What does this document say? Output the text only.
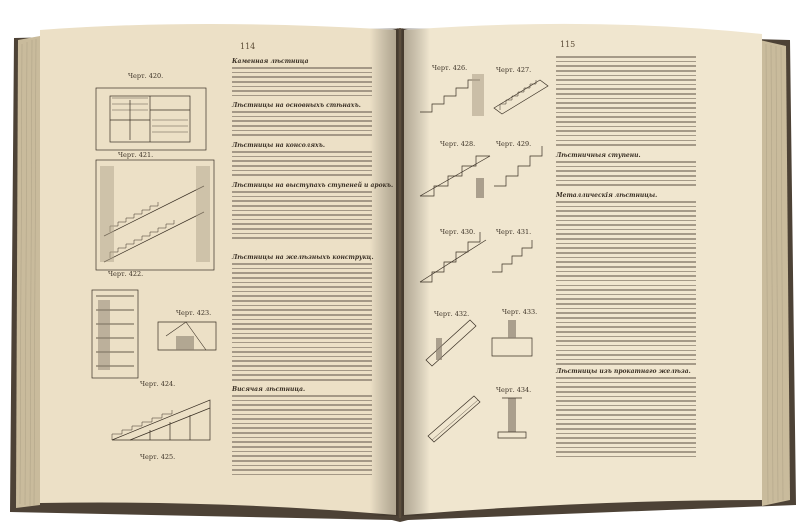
114	115
Черт. 420.
Черт. 421.
Черт. 422.
Черт. 423.
Черт. 424.
Черт. 425.
Черт. 426.	Черт. 427.
Черт. 428.	Черт. 429.
Черт. 430.	Черт. 431.
Черт. 432.	Черт. 433.
Черт. 434.
Каменная лѣстница
Лѣстницы на основныхъ стѣнахъ.
Лѣстницы на консоляхъ.
Лѣстницы на выступахъ ступеней и арокъ.
Лѣстницы на желѣзныхъ конструкц.
Висячая лѣстница.
Лѣстничныя ступени.
Металлическія лѣстницы.
Лѣстницы изъ прокатнаго желѣза.
